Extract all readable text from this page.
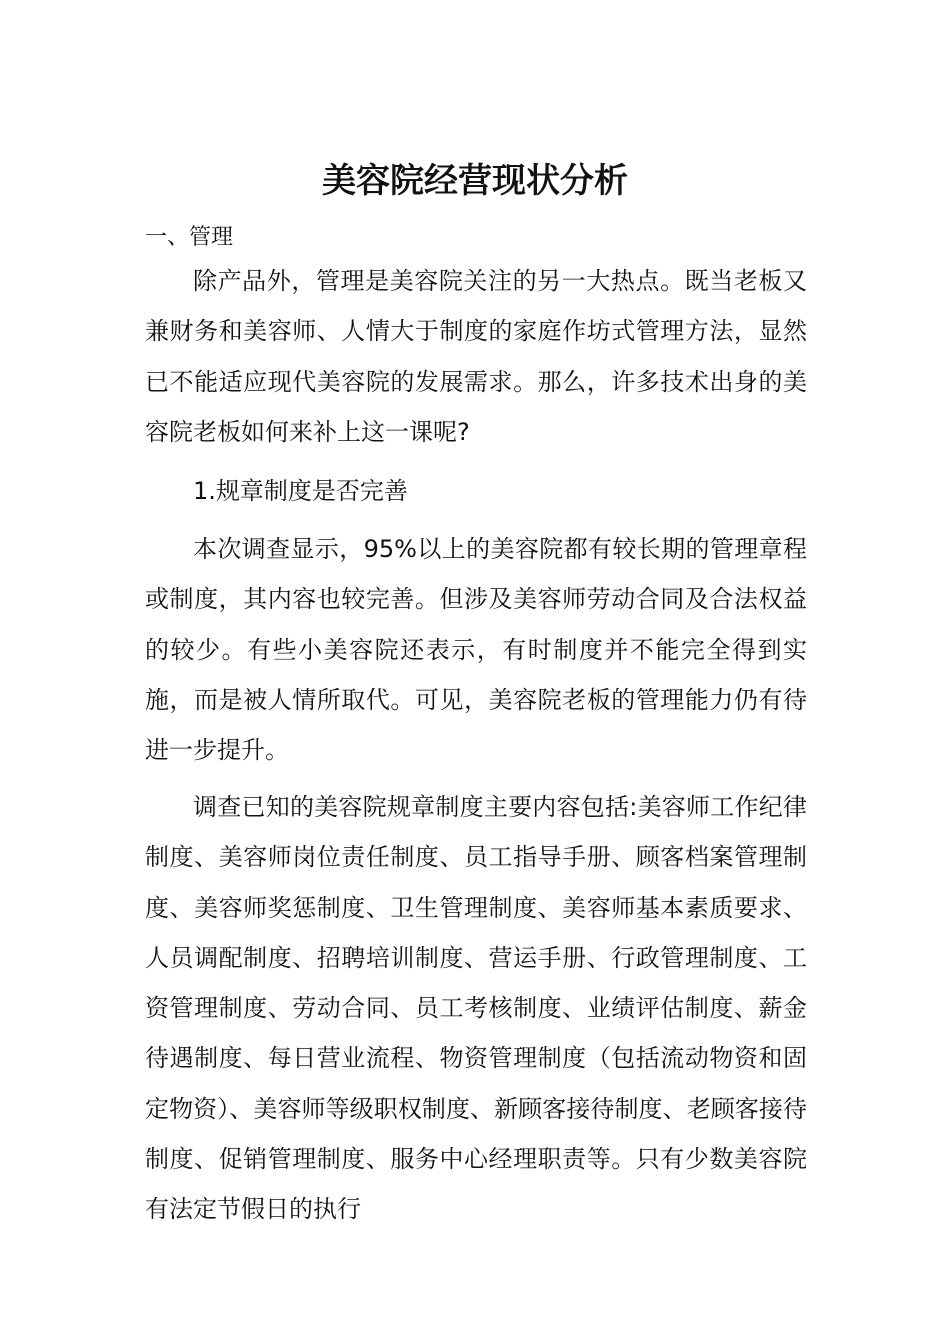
美容院经营现状分析
一、管理

除产品外，管理是美容院关注的另一大热点。既当老板又兼财务和美容师、人情大于制度的家庭作坊式管理方法，显然已不能适应现代美容院的发展需求。那么，许多技术出身的美容院老板如何来补上这一课呢?

1.规章制度是否完善

本次调查显示，95%以上的美容院都有较长期的管理章程或制度，其内容也较完善。但涉及美容师劳动合同及合法权益的较少。有些小美容院还表示，有时制度并不能完全得到实施，而是被人情所取代。可见，美容院老板的管理能力仍有待进一步提升。

调查已知的美容院规章制度主要内容包括:美容师工作纪律制度、美容师岗位责任制度、员工指导手册、顾客档案管理制度、美容师奖惩制度、卫生管理制度、美容师基本素质要求、人员调配制度、招聘培训制度、营运手册、行政管理制度、工资管理制度、劳动合同、员工考核制度、业绩评估制度、薪金待遇制度、每日营业流程、物资管理制度（包括流动物资和固定物资）、美容师等级职权制度、新顾客接待制度、老顾客接待制度、促销管理制度、服务中心经理职责等。只有少数美容院有法定节假日的执行
